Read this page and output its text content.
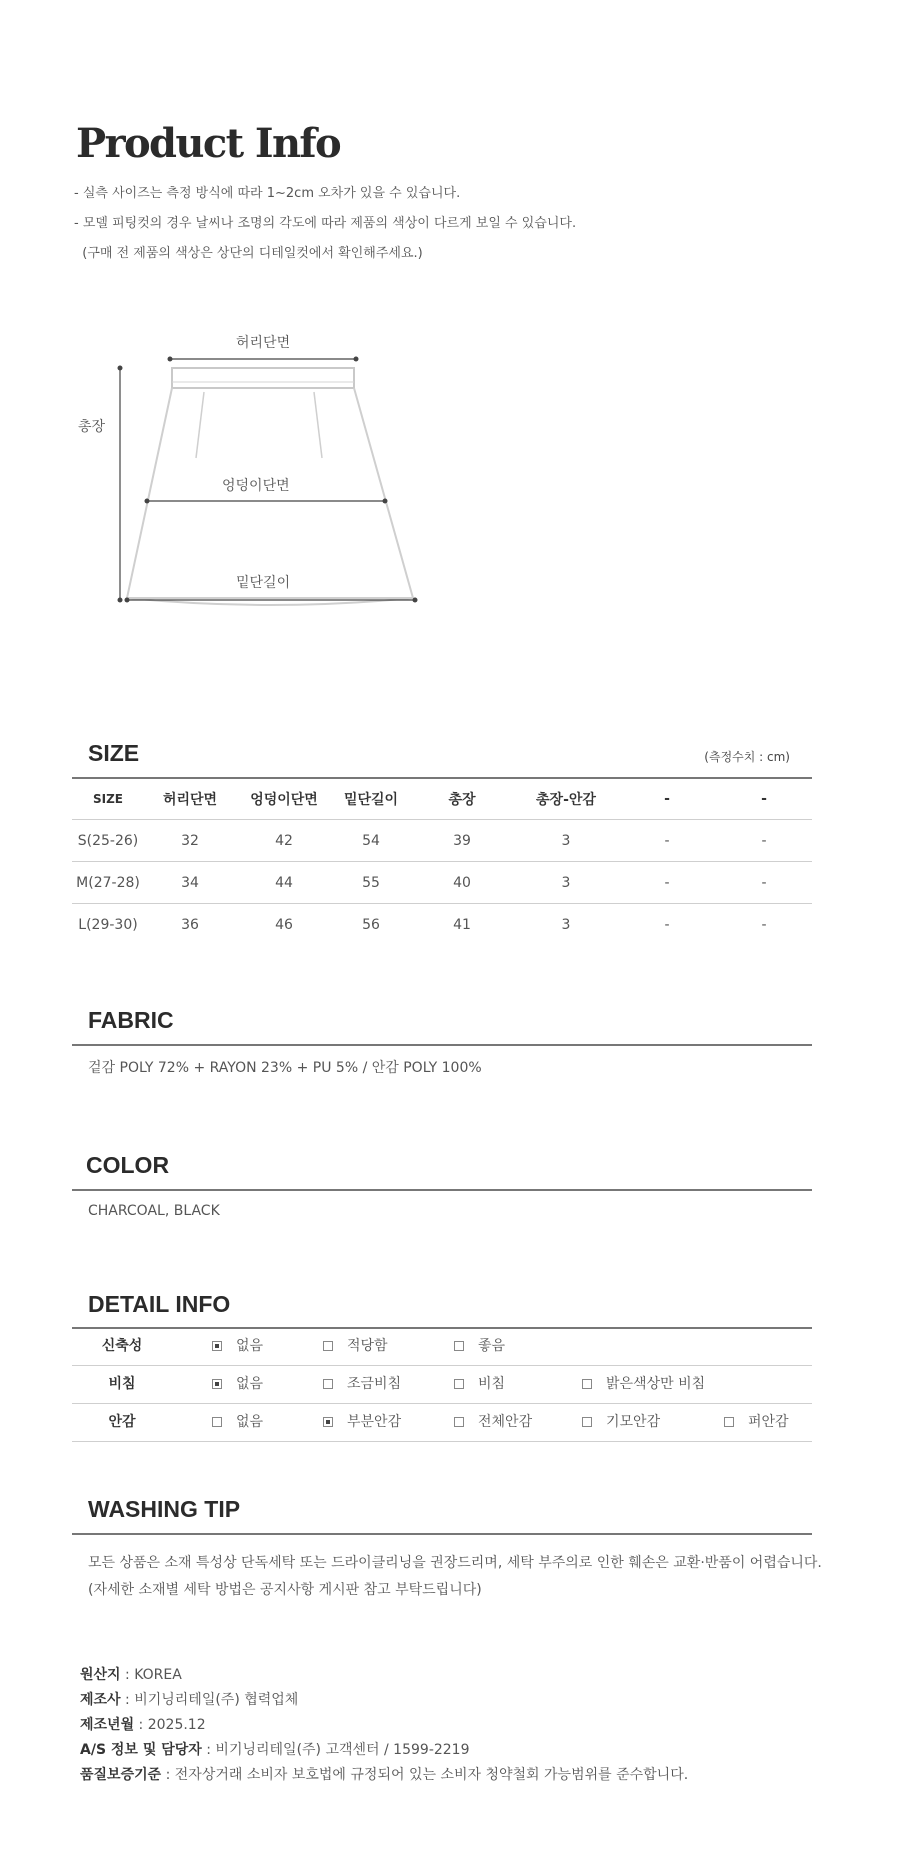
Product Info
- 실측 사이즈는 측정 방식에 따라 1~2cm 오차가 있을 수 있습니다.
- 모델 피팅컷의 경우 날씨나 조명의 각도에 따라 제품의 색상이 다르게 보일 수 있습니다.
(구매 전 제품의 색상은 상단의 디테일컷에서 확인해주세요.)
허리단면
총장
엉덩이단면
밑단길이
SIZE	(측정수치 : cm)
SIZE	허리단면	엉덩이단면	밑단길이	총장	총장-안감	-	-
S(25-26)	32	42	54	39	3	-	-
M(27-28)	34	44	55	40	3	-	-
L(29-30)	36	46	56	41	3	-	-
FABRIC
겉감 POLY 72% + RAYON 23% + PU 5% / 안감 POLY 100%
COLOR
CHARCOAL, BLACK
DETAIL INFO
신축성	없음	적당함	좋음
비침	없음	조금비침	비침	밝은색상만 비침
안감	없음	부분안감	전체안감	기모안감	퍼안감
WASHING TIP
모든 상품은 소재 특성상 단독세탁 또는 드라이클리닝을 권장드리며, 세탁 부주의로 인한 훼손은 교환·반품이 어렵습니다.
(자세한 소재별 세탁 방법은 공지사항 게시판 참고 부탁드립니다)
원산지 : KOREA
제조사 : 비기닝리테일(주) 협력업체
제조년월 : 2025.12
A/S 정보 및 담당자 : 비기닝리테일(주) 고객센터 / 1599-2219
품질보증기준 : 전자상거래 소비자 보호법에 규정되어 있는 소비자 청약철회 가능범위를 준수합니다.
